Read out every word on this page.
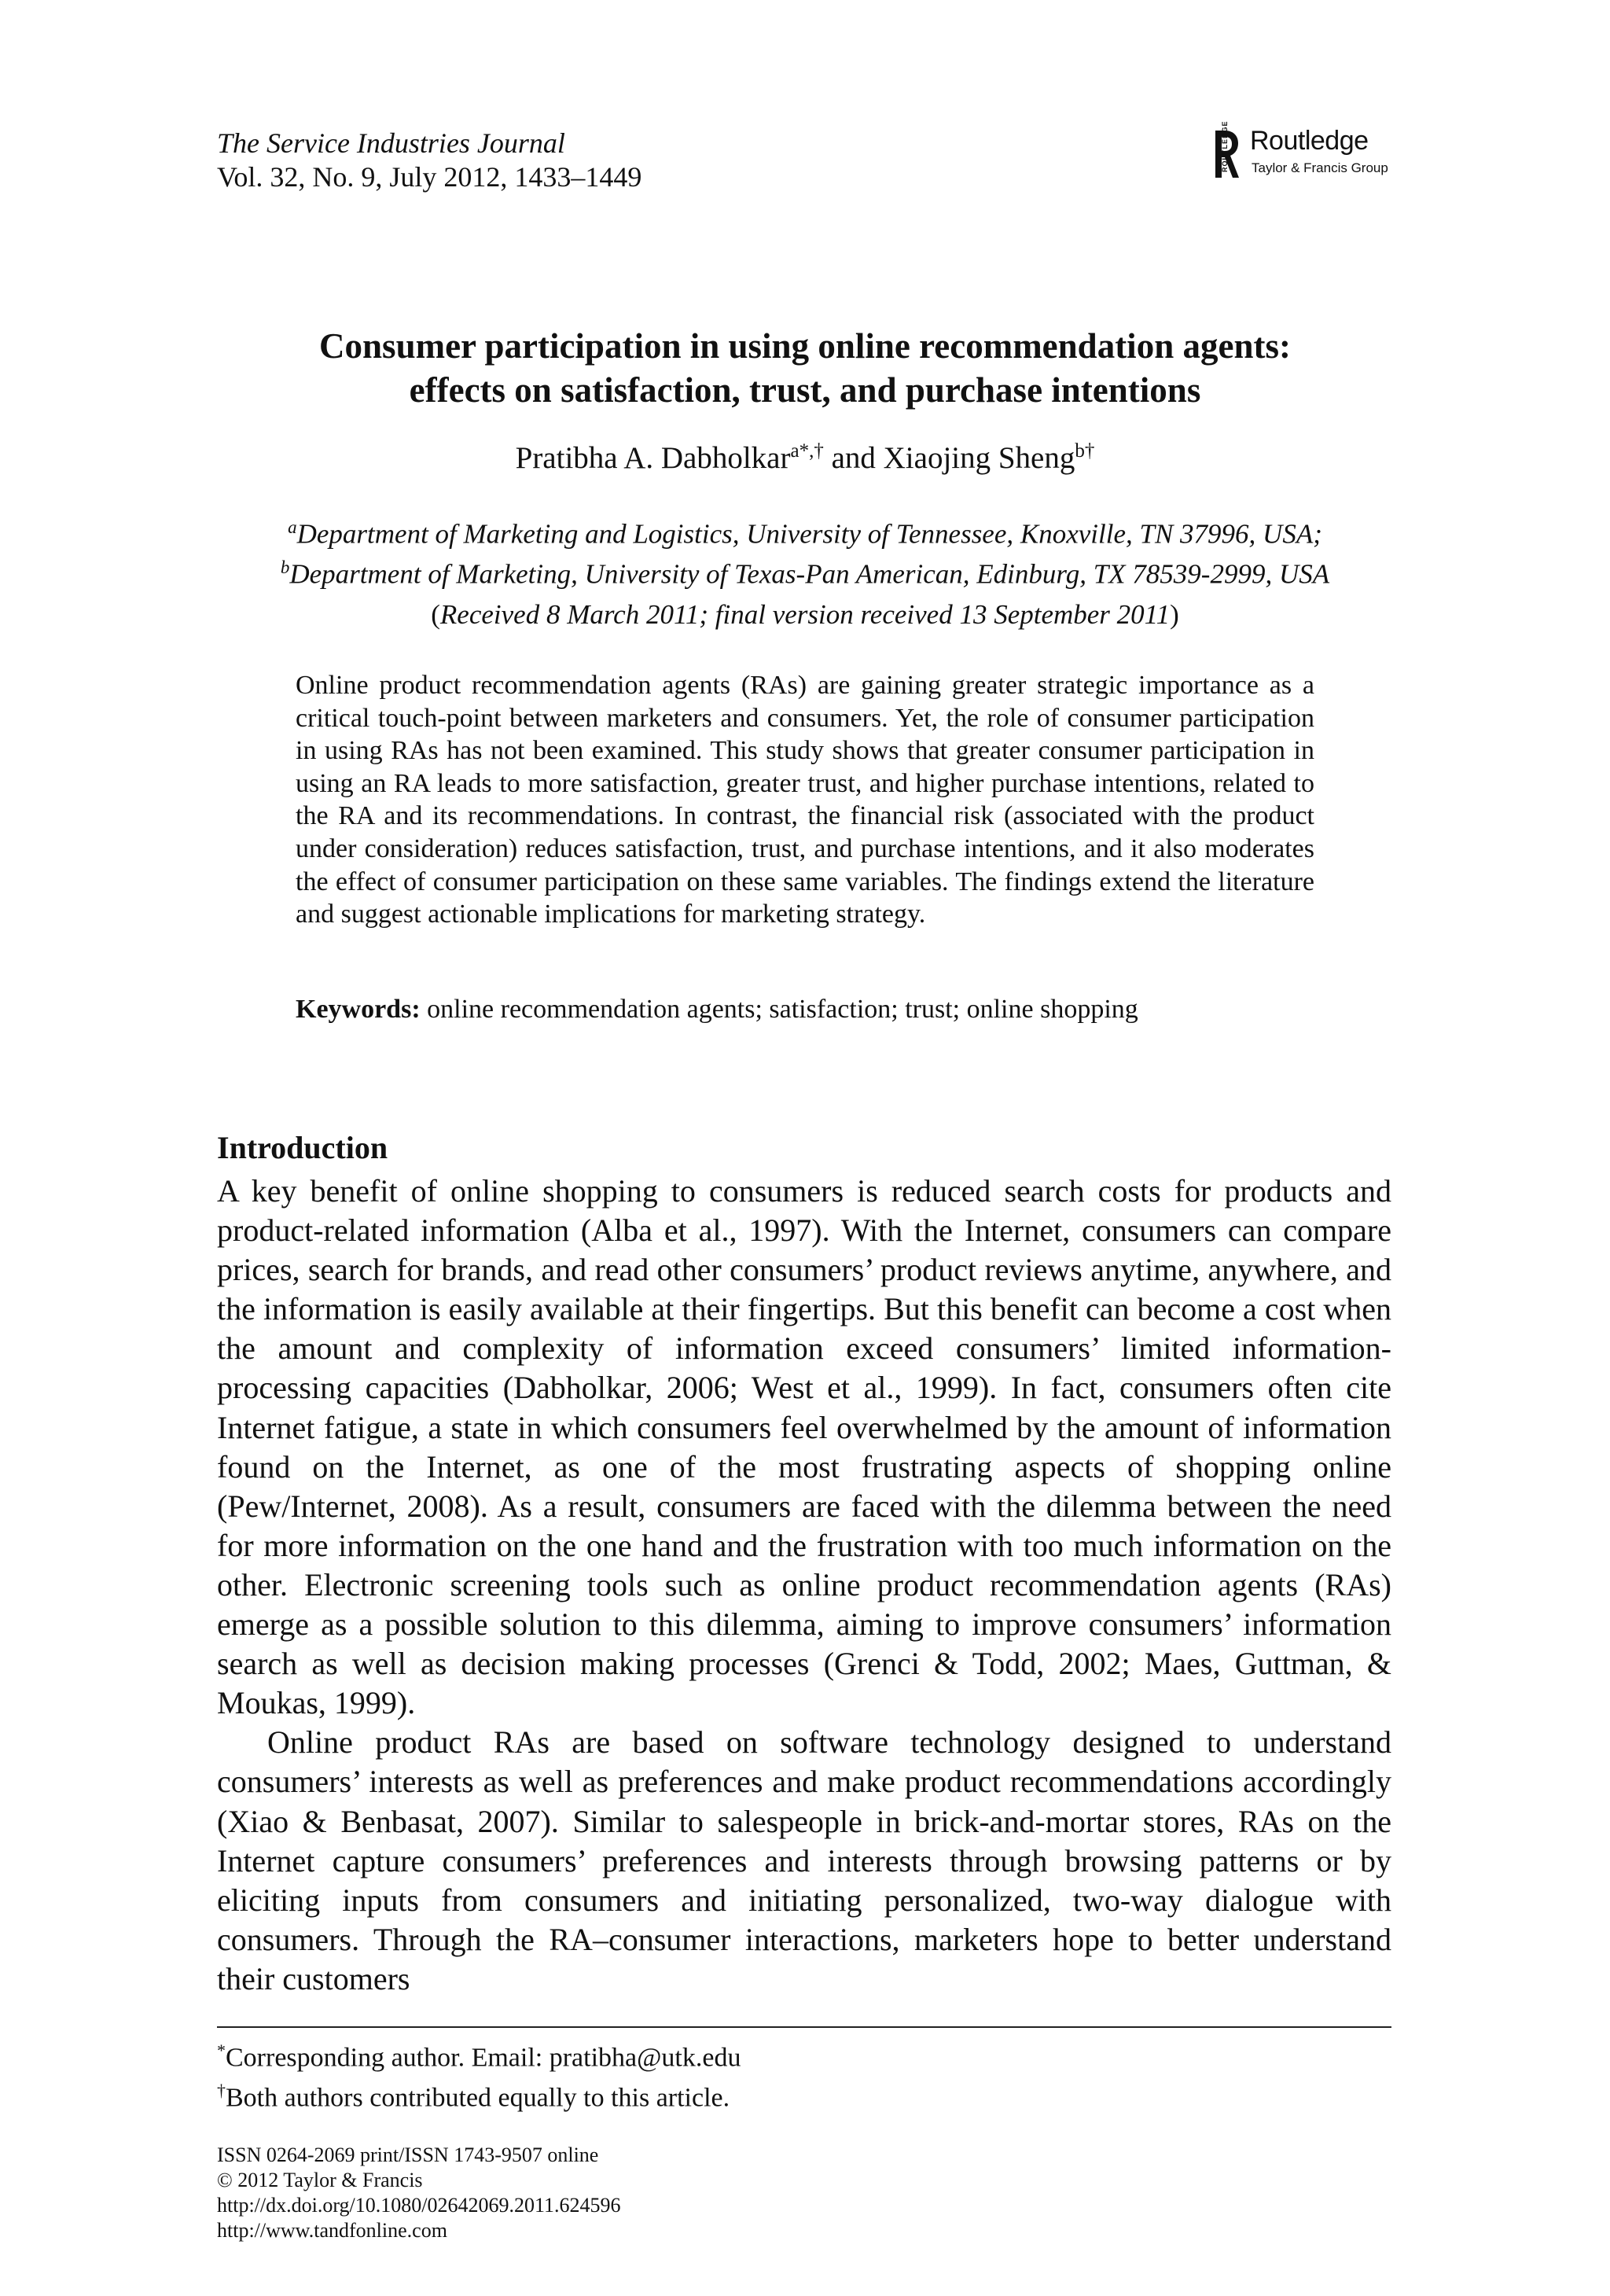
The Service Industries Journal
Vol. 32, No. 9, July 2012, 1433–1449
ROUTLEDGE Routledge
Taylor & Francis Group
Consumer participation in using online recommendation agents:
effects on satisfaction, trust, and purchase intentions
Pratibha A. Dabholkar$^{a*,\dagger}$ and Xiaojing Sheng$^{b\dagger}$
$^a$Department of Marketing and Logistics, University of Tennessee, Knoxville, TN 37996, USA;
$^b$Department of Marketing, University of Texas-Pan American, Edinburg, TX 78539-2999, USA
(Received 8 March 2011; final version received 13 September 2011)
Online product recommendation agents (RAs) are gaining greater strategic importance as a critical touch-point between marketers and consumers. Yet, the role of consumer participation in using RAs has not been examined. This study shows that greater consumer participation in using an RA leads to more satisfaction, greater trust, and higher purchase intentions, related to the RA and its recommendations. In contrast, the financial risk (associated with the product under consideration) reduces satisfaction, trust, and purchase intentions, and it also moderates the effect of consumer participation on these same variables. The findings extend the literature and suggest actionable implications for marketing strategy.
Keywords: online recommendation agents; satisfaction; trust; online shopping
Introduction

A key benefit of online shopping to consumers is reduced search costs for products and product-related information (Alba et al., 1997). With the Internet, consumers can compare prices, search for brands, and read other consumers’ product reviews anytime, anywhere, and the information is easily available at their fingertips. But this benefit can become a cost when the amount and complexity of information exceed consumers’ limited information-processing capacities (Dabholkar, 2006; West et al., 1999). In fact, consumers often cite Internet fatigue, a state in which consumers feel overwhelmed by the amount of information found on the Internet, as one of the most frustrating aspects of shopping online (Pew/Internet, 2008). As a result, consumers are faced with the dilemma between the need for more information on the one hand and the frustration with too much information on the other. Electronic screening tools such as online product recommendation agents (RAs) emerge as a possible solution to this dilemma, aiming to improve consumers’ information search as well as decision making processes (Grenci & Todd, 2002; Maes, Guttman, & Moukas, 1999).

Online product RAs are based on software technology designed to understand consumers’ interests as well as preferences and make product recommendations accordingly (Xiao & Benbasat, 2007). Similar to salespeople in brick-and-mortar stores, RAs on the Internet capture consumers’ preferences and interests through browsing patterns or by eliciting inputs from consumers and initiating personalized, two-way dialogue with consumers. Through the RA–consumer interactions, marketers hope to better understand their customers

*Corresponding author. Email: pratibha@utk.edu
†Both authors contributed equally to this article.
ISSN 0264-2069 print/ISSN 1743-9507 online
© 2012 Taylor & Francis
http://dx.doi.org/10.1080/02642069.2011.624596
http://www.tandfonline.com
